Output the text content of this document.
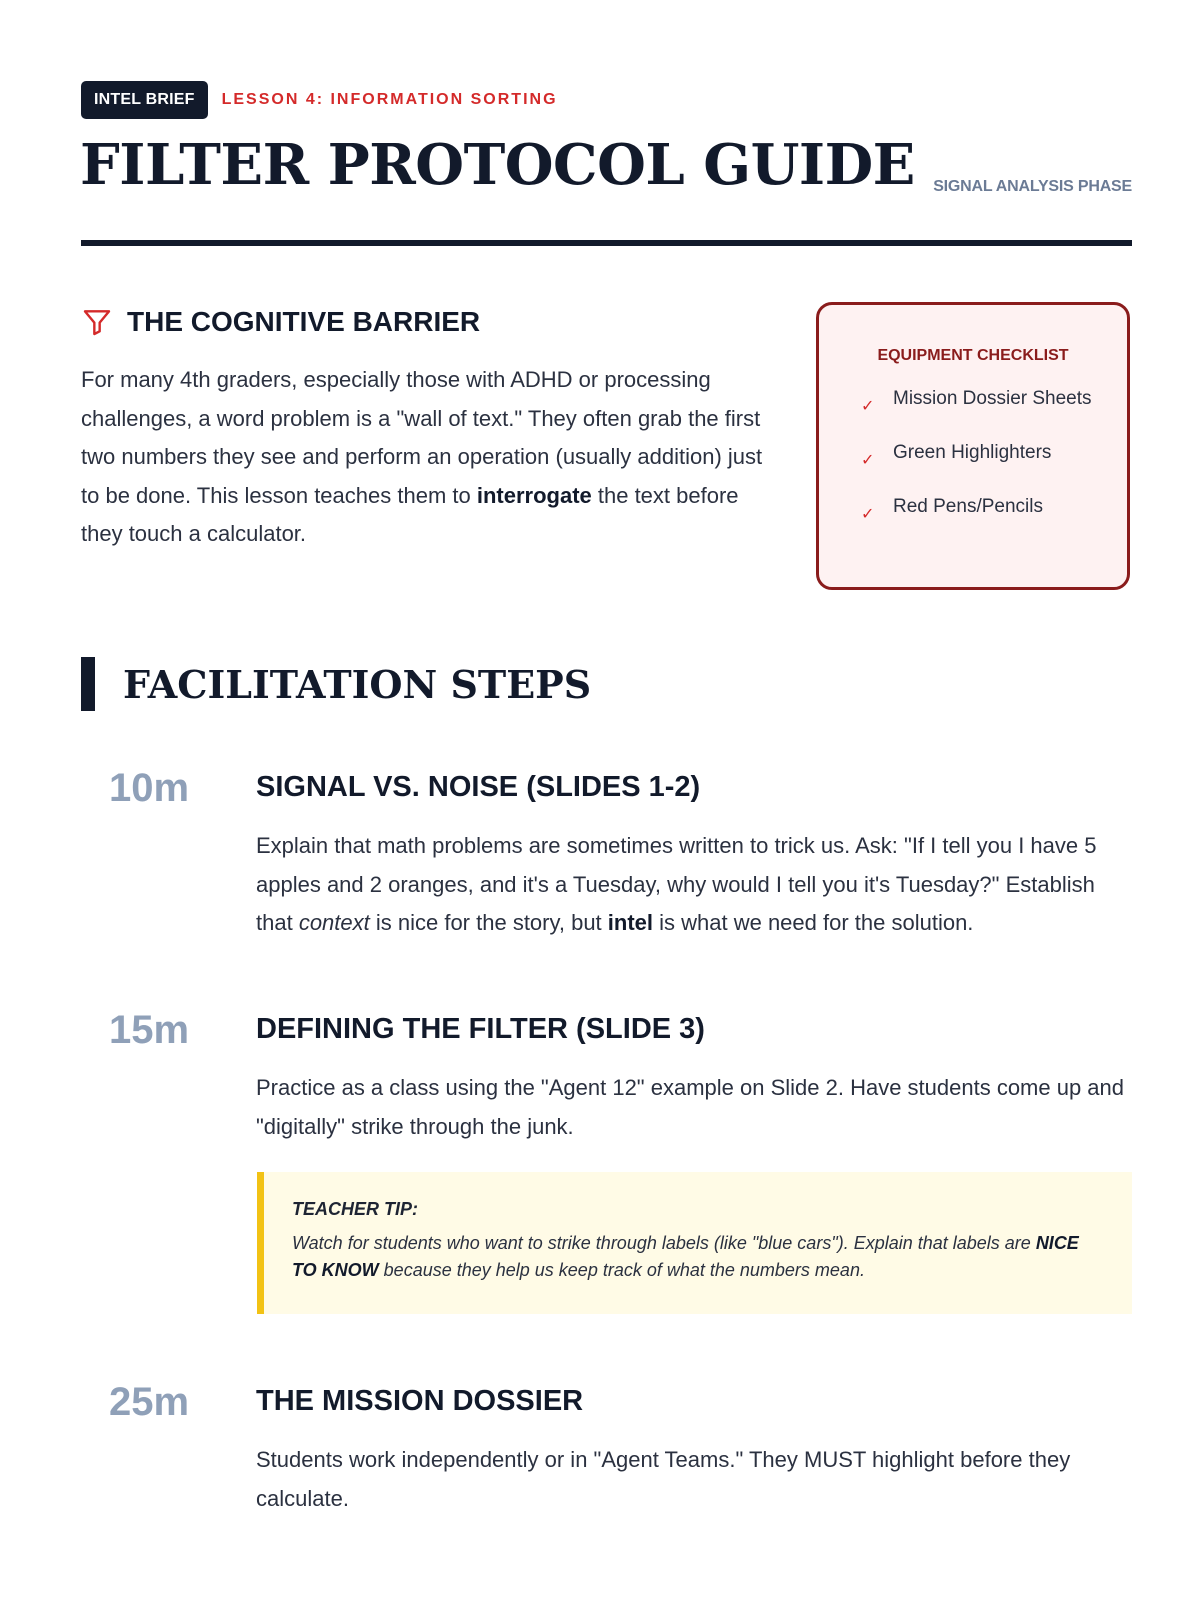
INTEL BRIEF	LESSON 4: INFORMATION SORTING
FILTER PROTOCOL GUIDE SIGNAL ANALYSIS PHASE
THE COGNITIVE BARRIER

For many 4th graders, especially those with ADHD or processing challenges, a word problem is a "wall of text." They often grab the first two numbers they see and perform an operation (usually addition) just to be done. This lesson teaches them to interrogate the text before they touch a calculator.

EQUIPMENT CHECKLIST
✓ Mission Dossier Sheets
✓ Green Highlighters
✓ Red Pens/Pencils
FACILITATION STEPS
10m	SIGNAL VS. NOISE (SLIDES 1-2)

Explain that math problems are sometimes written to trick us. Ask: "If I tell you I have 5 apples and 2 oranges, and it's a Tuesday, why would I tell you it's Tuesday?" Establish that context is nice for the story, but intel is what we need for the solution.

15m	DEFINING THE FILTER (SLIDE 3)

Practice as a class using the "Agent 12" example on Slide 2. Have students come up and "digitally" strike through the junk.

TEACHER TIP:

Watch for students who want to strike through labels (like "blue cars"). Explain that labels are NICE TO KNOW because they help us keep track of what the numbers mean.

25m	THE MISSION DOSSIER

Students work independently or in "Agent Teams." They MUST highlight before they calculate.
